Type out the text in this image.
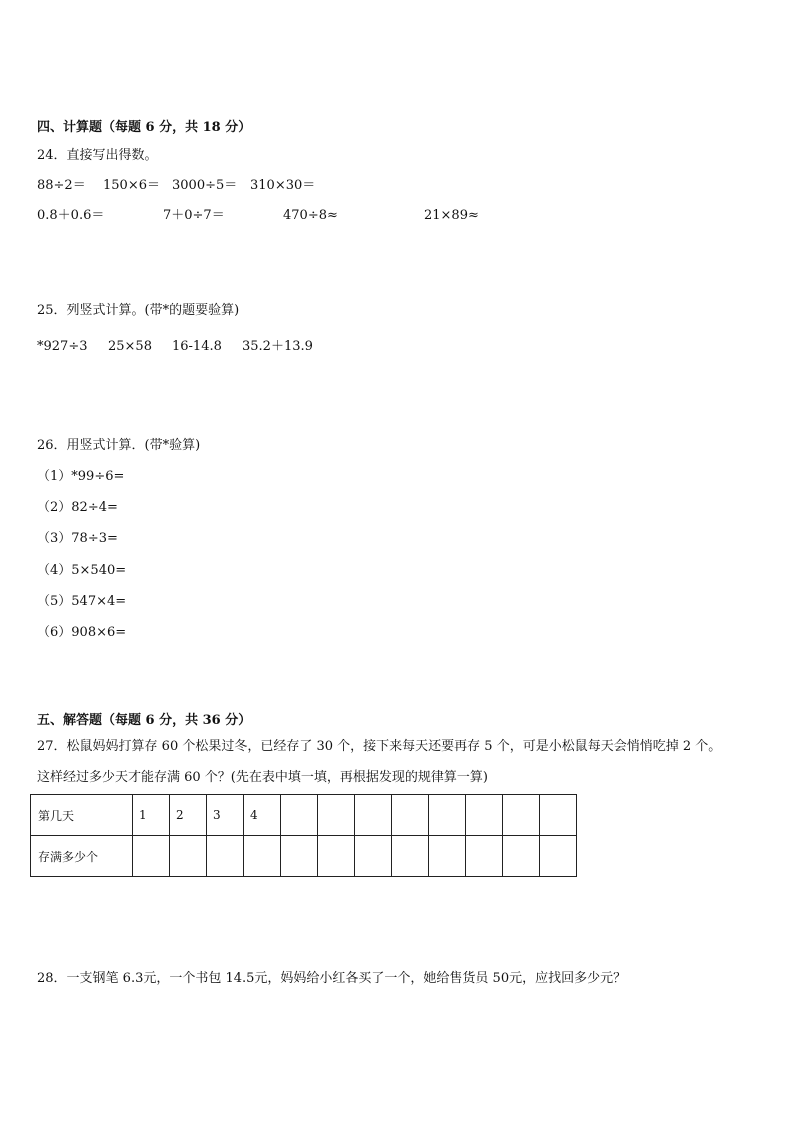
四、计算题（每题 6 分，共 18 分）
24．直接写出得数。
88÷2＝ 150×6＝ 3000÷5＝ 310×30＝
0.8＋0.6＝	7＋0÷7＝	470÷8≈	21×89≈
25．列竖式计算。(带*的题要验算)
*927÷3 25×58 16-14.8 35.2＋13.9
26．用竖式计算．(带*验算)
（1）*99÷6=
（2）82÷4=
（3）78÷3=
（4）5×540=
（5）547×4=
（6）908×6=
五、解答题（每题 6 分，共 36 分）
27．松鼠妈妈打算存 60 个松果过冬，已经存了 30 个，接下来每天还要再存 5 个，可是小松鼠每天会悄悄吃掉 2 个。
这样经过多少天才能存满 60 个？(先在表中填一填，再根据发现的规律算一算)
第几天	1	2	3	4								
存满多少个												
28．一支钢笔 6.3元，一个书包 14.5元，妈妈给小红各买了一个，她给售货员 50元，应找回多少元？
